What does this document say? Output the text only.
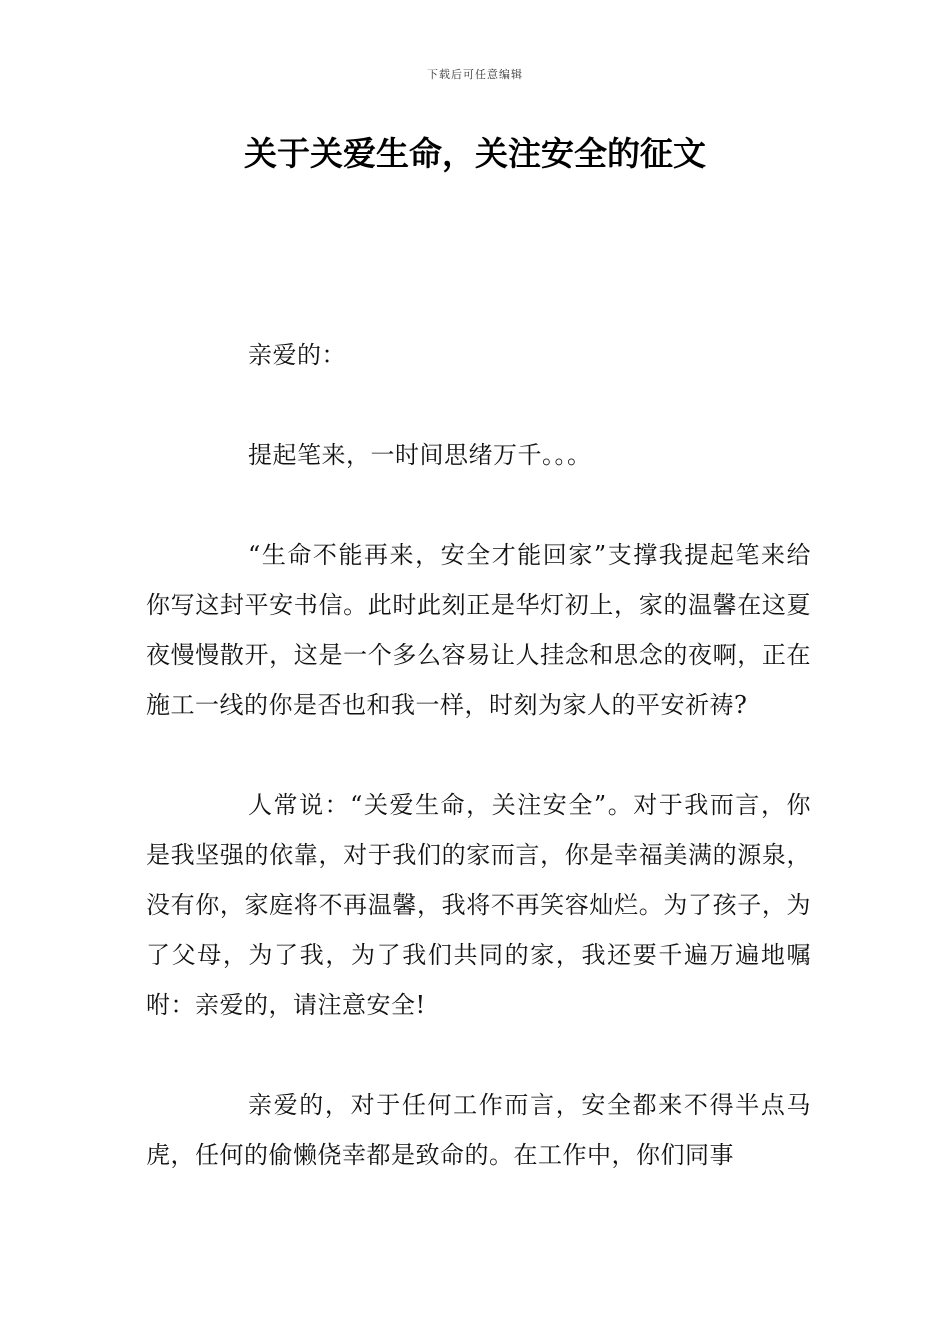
下载后可任意编辑
关于关爱生命，关注安全的征文

亲爱的：

提起笔来，一时间思绪万千。。。

“生命不能再来，安全才能回家”支撑我提起笔来给你写这封平安书信。此时此刻正是华灯初上，家的温馨在这夏夜慢慢散开，这是一个多么容易让人挂念和思念的夜啊，正在施工一线的你是否也和我一样，时刻为家人的平安祈祷?

人常说：“关爱生命，关注安全”。对于我而言，你是我坚强的依靠，对于我们的家而言，你是幸福美满的源泉，没有你，家庭将不再温馨，我将不再笑容灿烂。为了孩子，为了父母，为了我，为了我们共同的家，我还要千遍万遍地嘱咐：亲爱的，请注意安全!

亲爱的，对于任何工作而言，安全都来不得半点马虎，任何的偷懒侥幸都是致命的。在工作中，你们同事
